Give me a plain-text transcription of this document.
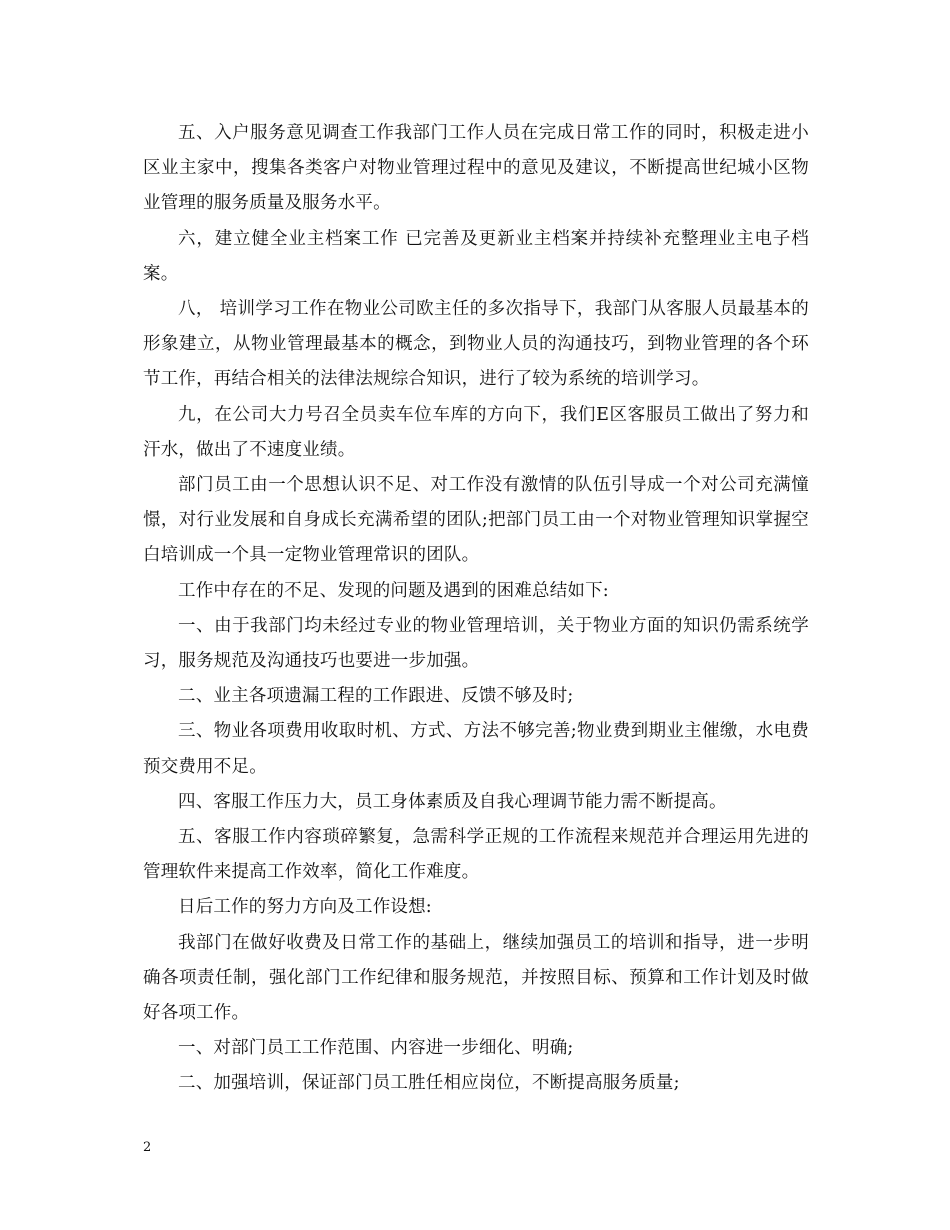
五、入户服务意见调查工作我部门工作人员在完成日常工作的同时，积极走进小区业主家中，搜集各类客户对物业管理过程中的意见及建议，不断提高世纪城小区物业管理的服务质量及服务水平。

六，建立健全业主档案工作 已完善及更新业主档案并持续补充整理业主电子档案。

八， 培训学习工作在物业公司欧主任的多次指导下，我部门从客服人员最基本的形象建立，从物业管理最基本的概念，到物业人员的沟通技巧，到物业管理的各个环节工作，再结合相关的法律法规综合知识，进行了较为系统的培训学习。

九，在公司大力号召全员卖车位车库的方向下，我们E区客服员工做出了努力和汗水，做出了不速度业绩。

部门员工由一个思想认识不足、对工作没有激情的队伍引导成一个对公司充满憧憬，对行业发展和自身成长充满希望的团队;把部门员工由一个对物业管理知识掌握空白培训成一个具一定物业管理常识的团队。

工作中存在的不足、发现的问题及遇到的困难总结如下:

一、由于我部门均未经过专业的物业管理培训，关于物业方面的知识仍需系统学习，服务规范及沟通技巧也要进一步加强。

二、业主各项遗漏工程的工作跟进、反馈不够及时;

三、物业各项费用收取时机、方式、方法不够完善;物业费到期业主催缴，水电费预交费用不足。

四、客服工作压力大，员工身体素质及自我心理调节能力需不断提高。

五、客服工作内容琐碎繁复，急需科学正规的工作流程来规范并合理运用先进的管理软件来提高工作效率，简化工作难度。

日后工作的努力方向及工作设想:

我部门在做好收费及日常工作的基础上，继续加强员工的培训和指导，进一步明确各项责任制，强化部门工作纪律和服务规范，并按照目标、预算和工作计划及时做好各项工作。

一、对部门员工工作范围、内容进一步细化、明确;

二、加强培训，保证部门员工胜任相应岗位，不断提高服务质量;

2
